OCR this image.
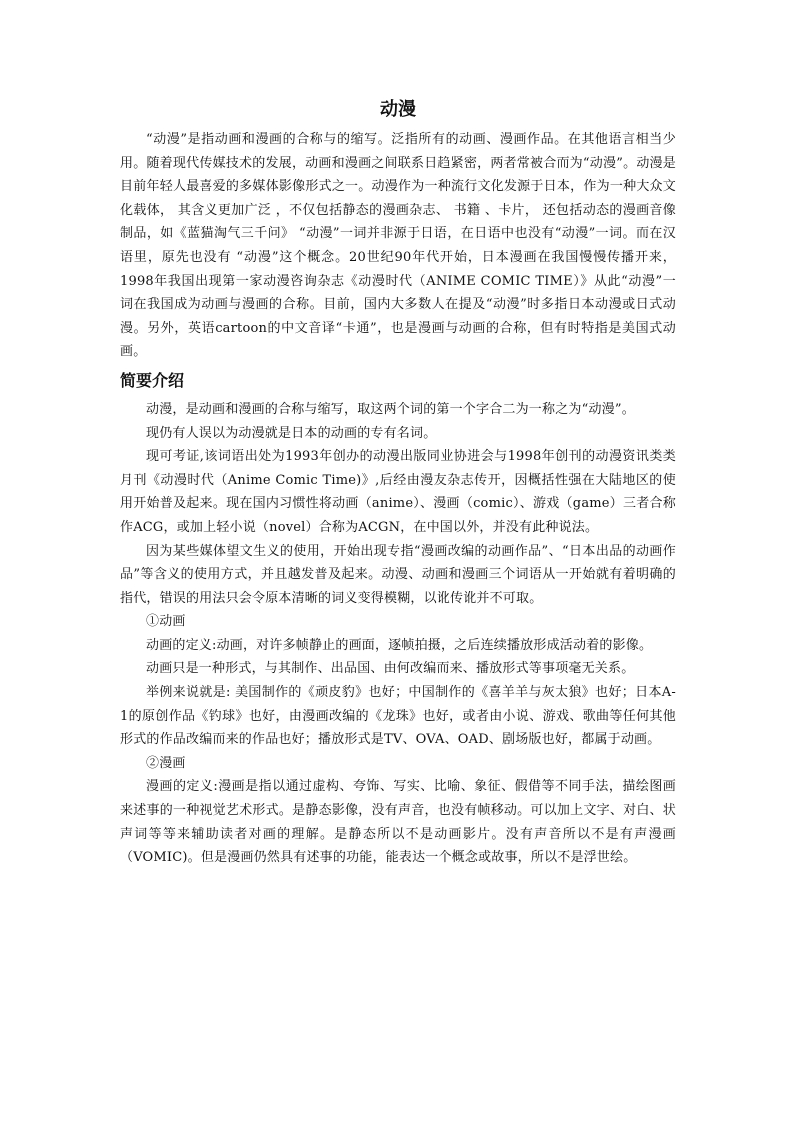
动漫

“动漫”是指动画和漫画的合称与的缩写。泛指所有的动画、漫画作品。在其他语言相当少用。随着现代传媒技术的发展，动画和漫画之间联系日趋紧密，两者常被合而为“动漫”。动漫是目前年轻人最喜爱的多媒体影像形式之一。动漫作为一种流行文化发源于日本，作为一种大众文化载体， 其含义更加广泛 ，不仅包括静态的漫画杂志、 书籍 、卡片， 还包括动态的漫画音像制品，如《蓝猫淘气三千问》 “动漫”一词并非源于日语，在日语中也没有“动漫”一词。而在汉语里，原先也没有 “动漫”这个概念。20世纪90年代开始，日本漫画在我国慢慢传播开来，1998年我国出现第一家动漫咨询杂志《动漫时代（ANIME COMIC TIME）》从此“动漫”一词在我国成为动画与漫画的合称。目前，国内大多数人在提及“动漫”时多指日本动漫或日式动漫。另外，英语cartoon的中文音译“卡通”，也是漫画与动画的合称，但有时特指是美国式动画。

简要介绍

动漫，是动画和漫画的合称与缩写，取这两个词的第一个字合二为一称之为“动漫”。

现仍有人误以为动漫就是日本的动画的专有名词。

现可考证,该词语出处为1993年创办的动漫出版同业协进会与1998年创刊的动漫资讯类类月刊《动漫时代（Anime Comic Time)》,后经由漫友杂志传开，因概括性强在大陆地区的使用开始普及起来。现在国内习惯性将动画（anime）、漫画（comic）、游戏（game）三者合称作ACG，或加上轻小说（novel）合称为ACGN，在中国以外，并没有此种说法。

因为某些媒体望文生义的使用，开始出现专指“漫画改编的动画作品”、“日本出品的动画作品”等含义的使用方式，并且越发普及起来。动漫、动画和漫画三个词语从一开始就有着明确的指代，错误的用法只会令原本清晰的词义变得模糊，以讹传讹并不可取。

①动画

动画的定义:动画，对许多帧静止的画面，逐帧拍摄，之后连续播放形成活动着的影像。

动画只是一种形式，与其制作、出品国、由何改编而来、播放形式等事项毫无关系。

举例来说就是: 美国制作的《顽皮豹》也好；中国制作的《喜羊羊与灰太狼》也好；日本A-1的原创作品《钓球》也好，由漫画改编的《龙珠》也好，或者由小说、游戏、歌曲等任何其他形式的作品改编而来的作品也好；播放形式是TV、OVA、OAD、剧场版也好，都属于动画。

②漫画

漫画的定义:漫画是指以通过虚构、夸饰、写实、比喻、象征、假借等不同手法，描绘图画来述事的一种视觉艺术形式。是静态影像，没有声音，也没有帧移动。可以加上文字、对白、状声词等等来辅助读者对画的理解。是静态所以不是动画影片。没有声音所以不是有声漫画（VOMIC)。但是漫画仍然具有述事的功能，能表达一个概念或故事，所以不是浮世绘。
